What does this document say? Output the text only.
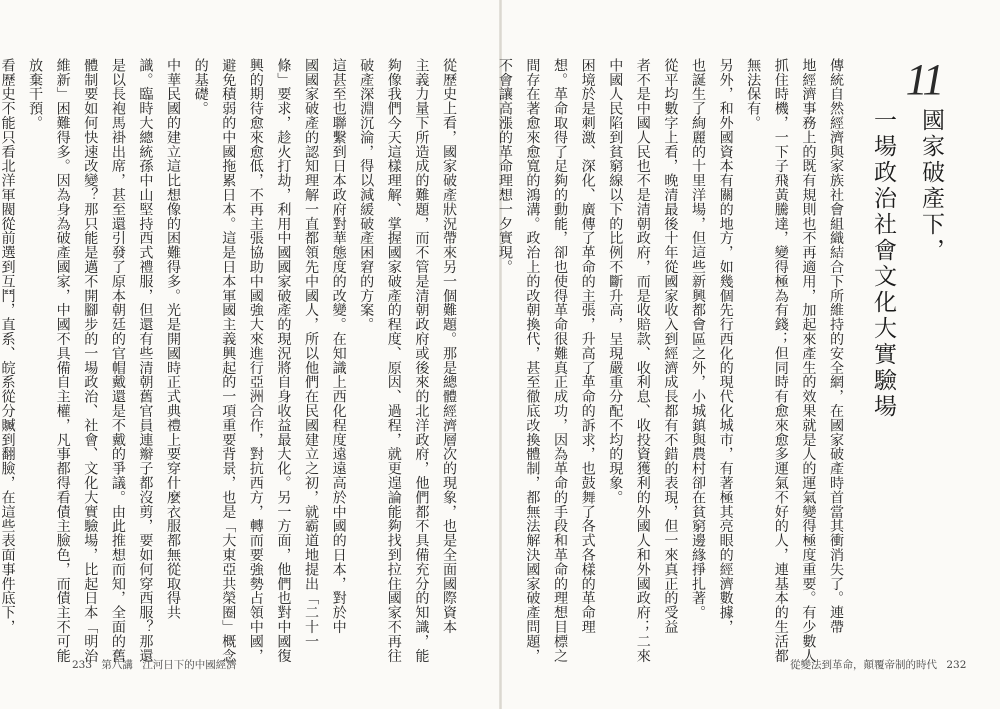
11
國家破產下，
一場政治社會文化大實驗場

傳統自然經濟與家族社會組織結合下所維持的安全網，在國家破產時首當其衝消失了。連帶

地經濟事務上的既有規則也不再適用，加起來產生的效果就是人的運氣變得極度重要。有少數人

抓住時機，一下子飛黃騰達，變得極為有錢；但同時有愈來愈多運氣不好的人，連基本的生活都

無法保有。

另外，和外國資本有關的地方，如幾個先行西化的現代化城市，有著極其亮眼的經濟數據，

也誕生了絢麗的十里洋場，但這些新興都會區之外，小城鎮與農村卻在貧窮邊緣掙扎著。

從平均數字上看，晚清最後十年從國家收入到經濟成長都有不錯的表現，但一來真正的受益

者不是中國人民也不是清朝政府，而是收賠款、收利息、收投資獲利的外國人和外國政府；二來

中國人民陷到貧窮線以下的比例不斷升高，呈現嚴重分配不均的現象。

困境於是刺激、深化、廣傳了革命的主張，升高了革命的訴求，也鼓舞了各式各樣的革命理

想。革命取得了足夠的動能，卻也使得革命很難真正成功，因為革命的手段和革命的理想目標之

間存在著愈來愈寬的鴻溝。政治上的改朝換代，甚至徹底改換體制，都無法解決國家破產問題，

不會讓高漲的革命理想一夕實現。

從歷史上看，國家破產狀況帶來另一個難題。那是總體經濟層次的現象，也是全面國際資本

主義力量下所造成的難題，而不管是清朝政府或後來的北洋政府，他們都不具備充分的知識，能

夠像我們今天這樣理解、掌握國家破產的程度、原因、過程，就更遑論能夠找到拉住國家不再往

破產深淵沉淪，得以減緩破產困窘的方案。

這甚至也聯繫到日本政府對華態度的改變。在知識上西化程度遠遠高於中國的日本，對於中

國國家破產的認知理解一直都領先中國人，所以他們在民國建立之初，就霸道地提出「二十一

條」要求，趁火打劫，利用中國國家破產的現況將自身收益最大化。另一方面，他們也對中國復

興的期待愈來愈低，不再主張協助中國強大來進行亞洲合作，對抗西方，轉而要強勢占領中國，

避免積弱的中國拖累日本。這是日本軍國主義興起的一項重要背景，也是「大東亞共榮圈」概念

的基礎。

中華民國的建立這比想像的困難得多。光是開國時正式典禮上要穿什麼衣服都無從取得共

識。臨時大總統孫中山堅持西式禮服，但還有些清朝舊官員連辮子都沒剪，要如何穿西服？那還

是以長袍馬褂出席，甚至還引發了原本朝廷的官帽戴還是不戴的爭議。由此推想而知，全面的舊

體制要如何快速改變？那只能是邁不開腳步的一場政治、社會、文化大實驗場，比起日本「明治

維新」困難得多。因為身為破產國家，中國不具備自主權，凡事都得看債主臉色，而債主不可能

放棄干預。

看歷史不能只看北洋軍閥從前選到互鬥，直系、皖系從分贓到翻臉，在這些表面事件底下，

233 第八講 江河日下的中國經濟	從變法到革命，顛覆帝制的時代 232
